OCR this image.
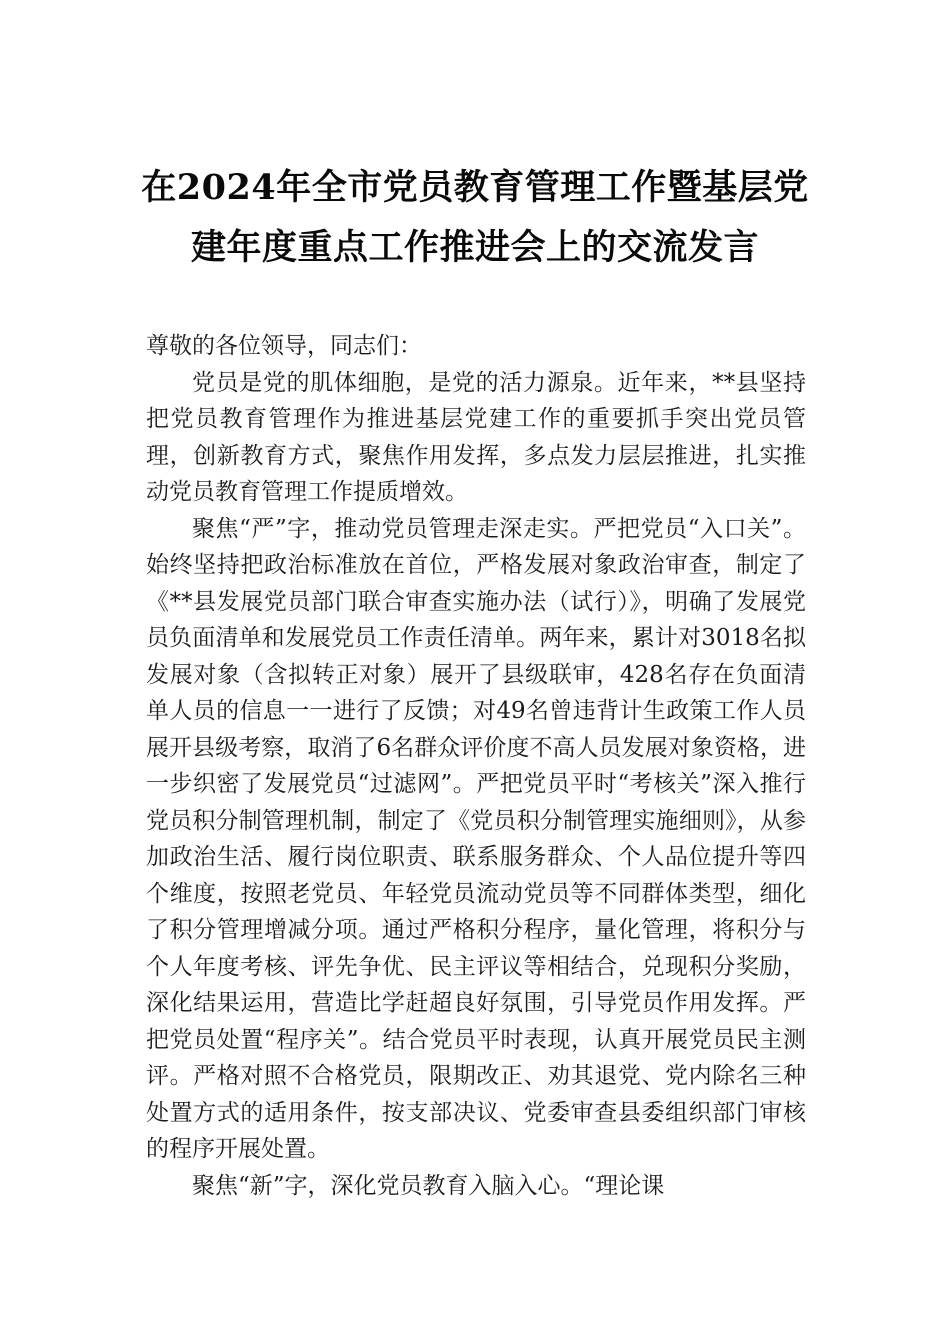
在2024年全市党员教育管理工作暨基层党
建年度重点工作推进会上的交流发言

尊敬的各位领导，同志们：

党员是党的肌体细胞，是党的活力源泉。近年来，**县坚持把党员教育管理作为推进基层党建工作的重要抓手突出党员管理，创新教育方式，聚焦作用发挥，多点发力层层推进，扎实推动党员教育管理工作提质增效。

聚焦“严”字，推动党员管理走深走实。严把党员“入口关”。始终坚持把政治标准放在首位，严格发展对象政治审查，制定了《**县发展党员部门联合审查实施办法（试行）》，明确了发展党员负面清单和发展党员工作责任清单。两年来，累计对3018名拟发展对象（含拟转正对象）展开了县级联审，428名存在负面清单人员的信息一一进行了反馈；对49名曾违背计生政策工作人员展开县级考察，取消了6名群众评价度不高人员发展对象资格，进一步织密了发展党员“过滤网”。严把党员平时“考核关”深入推行党员积分制管理机制，制定了《党员积分制管理实施细则》，从参加政治生活、履行岗位职责、联系服务群众、个人品位提升等四个维度，按照老党员、年轻党员流动党员等不同群体类型，细化了积分管理增减分项。通过严格积分程序，量化管理，将积分与个人年度考核、评先争优、民主评议等相结合，兑现积分奖励，深化结果运用，营造比学赶超良好氛围，引导党员作用发挥。严把党员处置“程序关”。结合党员平时表现，认真开展党员民主测评。严格对照不合格党员，限期改正、劝其退党、党内除名三种处置方式的适用条件，按支部决议、党委审查县委组织部门审核的程序开展处置。

聚焦“新”字，深化党员教育入脑入心。“理论课
